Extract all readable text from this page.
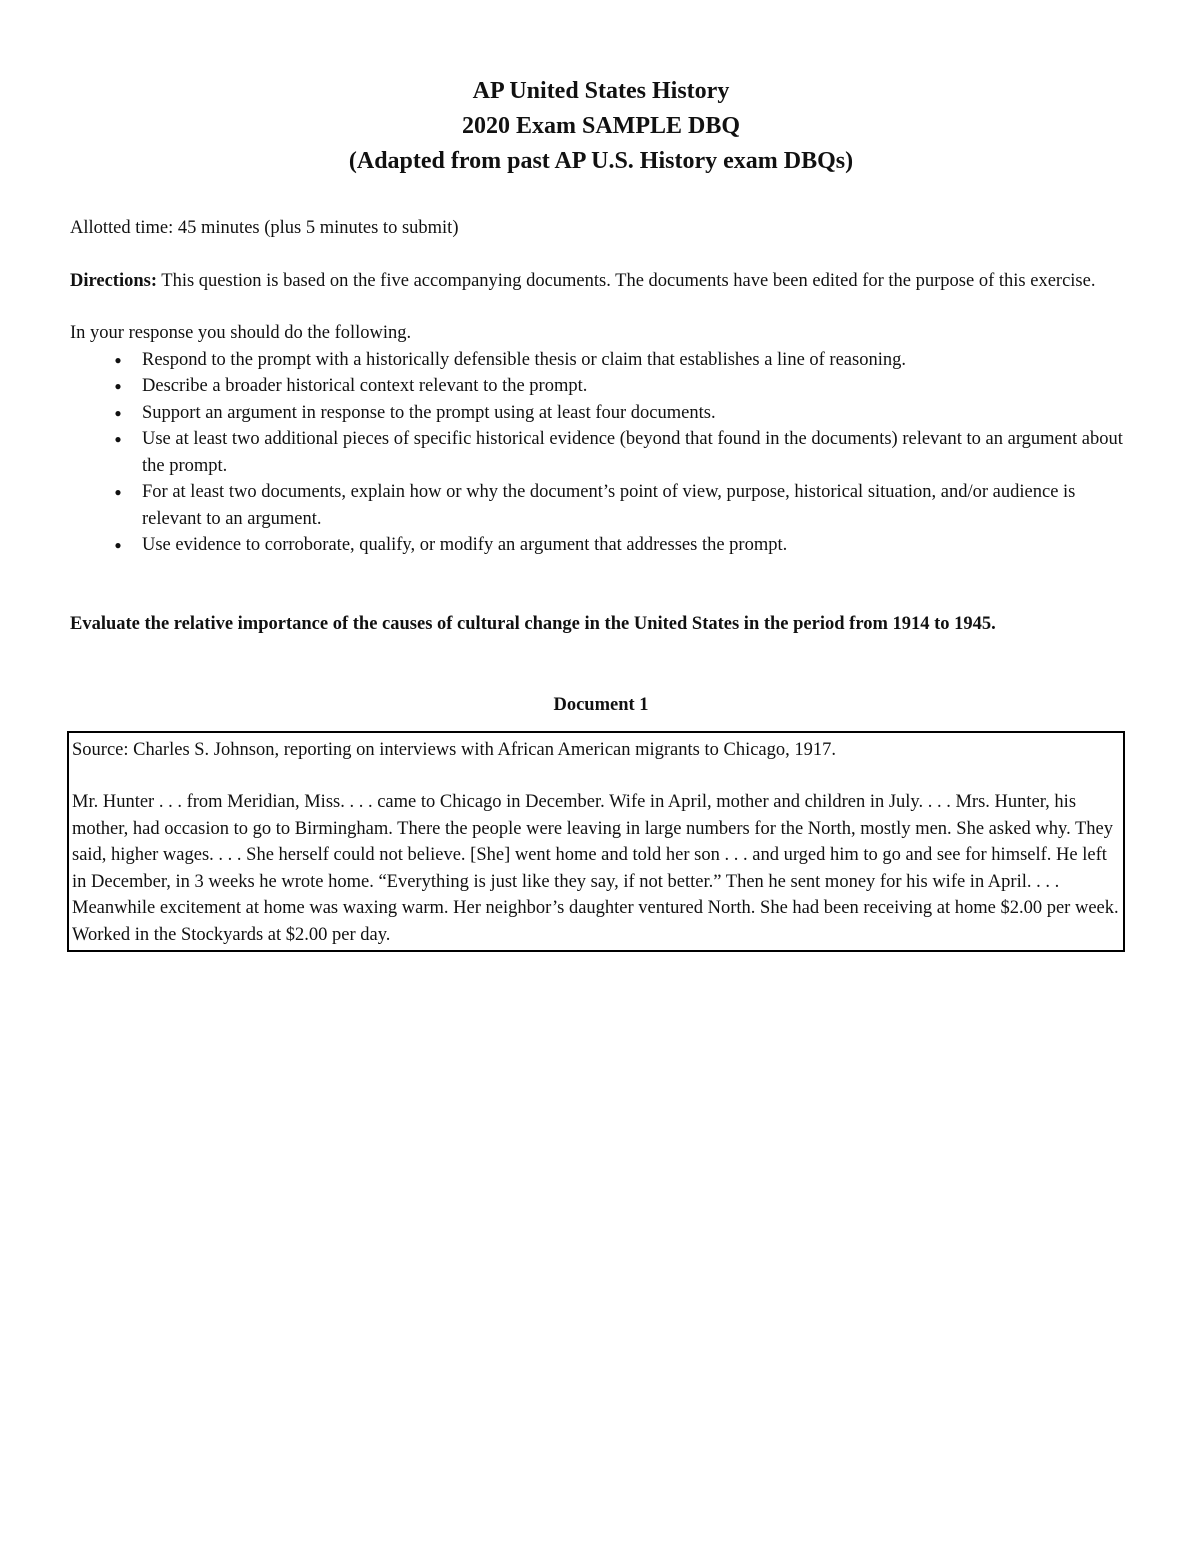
AP United States History
2020 Exam SAMPLE DBQ
(Adapted from past AP U.S. History exam DBQs)
Allotted time: 45 minutes (plus 5 minutes to submit)
Directions: This question is based on the five accompanying documents. The documents have been edited for the purpose of this exercise.
In your response you should do the following.
● Respond to the prompt with a historically defensible thesis or claim that establishes a line of reasoning.
● Describe a broader historical context relevant to the prompt.
● Support an argument in response to the prompt using at least four documents.
● Use at least two additional pieces of specific historical evidence (beyond that found in the documents) relevant to an argument about the prompt.
● For at least two documents, explain how or why the document’s point of view, purpose, historical situation, and/or audience is relevant to an argument.
● Use evidence to corroborate, qualify, or modify an argument that addresses the prompt.
Evaluate the relative importance of the causes of cultural change in the United States in the period from 1914 to 1945.
Document 1

Source: Charles S. Johnson, reporting on interviews with African American migrants to Chicago, 1917.

Mr. Hunter . . . from Meridian, Miss. . . . came to Chicago in December. Wife in April, mother and children in July. . . . Mrs. Hunter, his mother, had occasion to go to Birmingham. There the people were leaving in large numbers for the North, mostly men. She asked why. They said, higher wages. . . . She herself could not believe. [She] went home and told her son . . . and urged him to go and see for himself. He left in December, in 3 weeks he wrote home. “Everything is just like they say, if not better.” Then he sent money for his wife in April. . . . Meanwhile excitement at home was waxing warm. Her neighbor’s daughter ventured North. She had been receiving at home $2.00 per week. Worked in the Stockyards at $2.00 per day.
